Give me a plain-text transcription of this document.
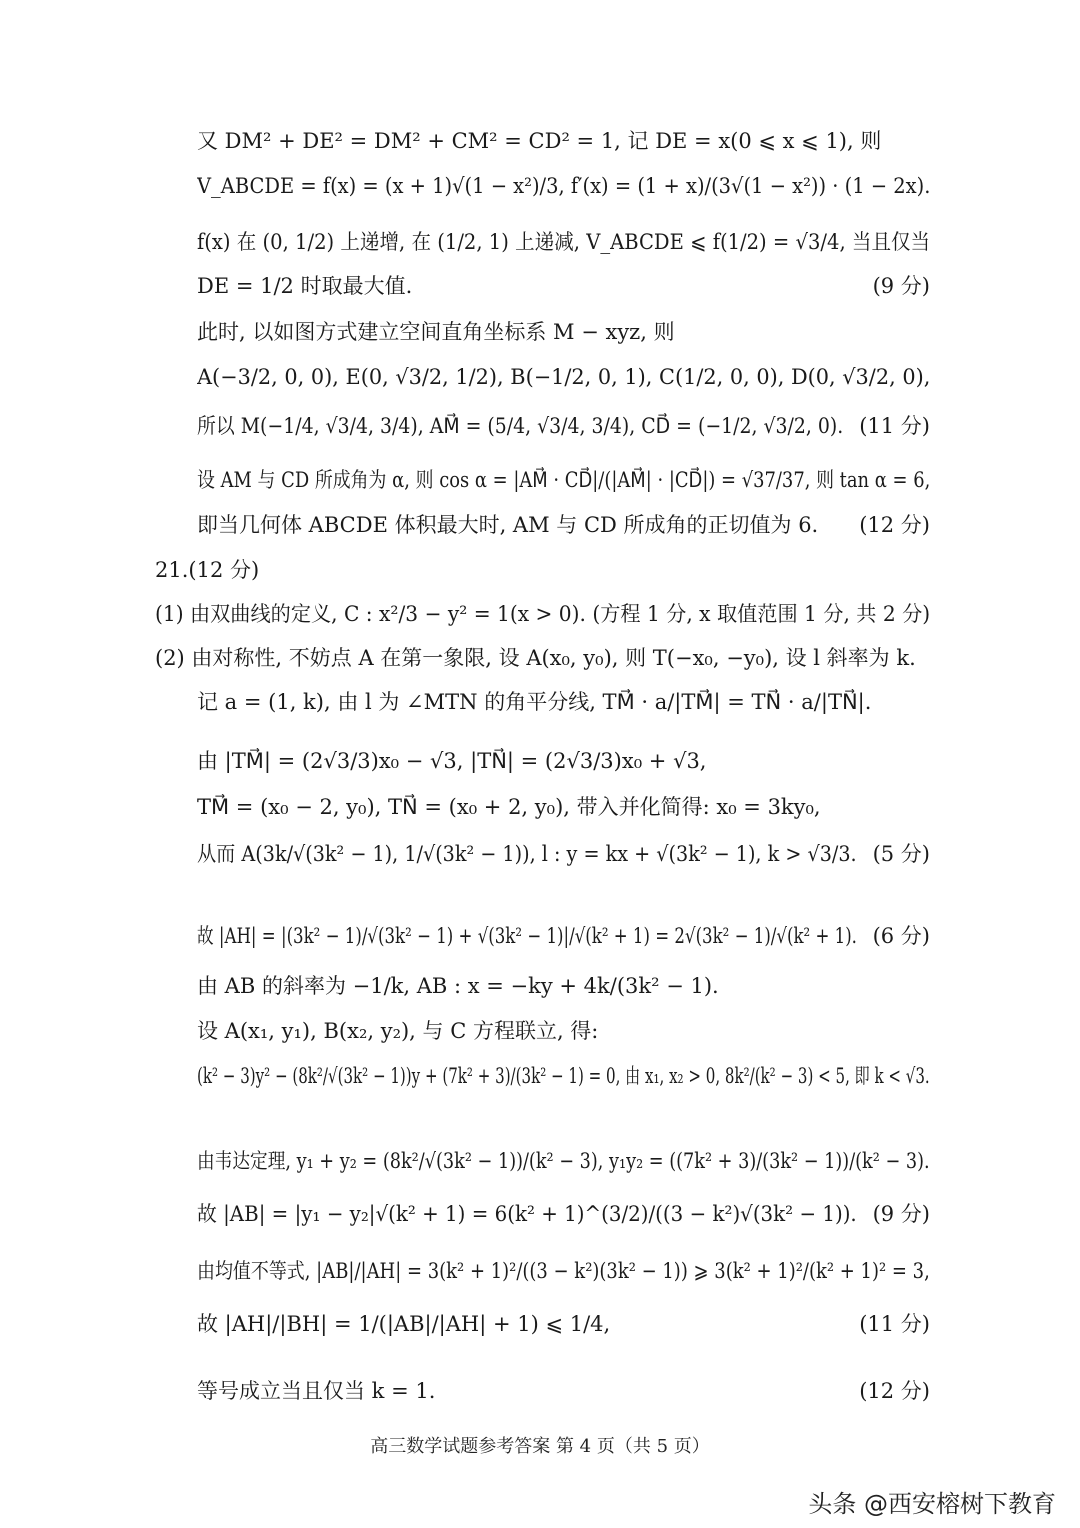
又 DM² + DE² = DM² + CM² = CD² = 1, 记 DE = x(0 ⩽ x ⩽ 1), 则
V_ABCDE = f(x) = (x + 1)√(1 − x²)/3, f′(x) = (1 + x)/(3√(1 − x²)) · (1 − 2x).
f(x) 在 (0, 1/2) 上递增, 在 (1/2, 1) 上递减, V_ABCDE ⩽ f(1/2) = √3/4, 当且仅当
DE = 1/2 时取最大值.	(9 分)
此时, 以如图方式建立空间直角坐标系 M − xyz, 则
A(−3/2, 0, 0), E(0, √3/2, 1/2), B(−1/2, 0, 1), C(1/2, 0, 0), D(0, √3/2, 0),
所以 M(−1/4, √3/4, 3/4), AM⃗ = (5/4, √3/4, 3/4), CD⃗ = (−1/2, √3/2, 0). (11 分)
设 AM 与 CD 所成角为 α, 则 cos α = |AM⃗ · CD⃗|/(|AM⃗| · |CD⃗|) = √37/37, 则 tan α = 6,
即当几何体 ABCDE 体积最大时, AM 与 CD 所成角的正切值为 6. (12 分)
21.(12 分)
(1) 由双曲线的定义, C : x²/3 − y² = 1(x > 0). (方程 1 分, x 取值范围 1 分, 共 2 分)
(2) 由对称性, 不妨点 A 在第一象限, 设 A(x₀, y₀), 则 T(−x₀, −y₀), 设 l 斜率为 k.
记 a = (1, k), 由 l 为 ∠MTN 的角平分线, TM⃗ · a/|TM⃗| = TN⃗ · a/|TN⃗|.
由 |TM⃗| = (2√3/3)x₀ − √3, |TN⃗| = (2√3/3)x₀ + √3,
TM⃗ = (x₀ − 2, y₀), TN⃗ = (x₀ + 2, y₀), 带入并化简得: x₀ = 3ky₀,
从而 A(3k/√(3k² − 1), 1/√(3k² − 1)), l : y = kx + √(3k² − 1), k > √3/3. (5 分)
故 |AH| = |(3k² − 1)/√(3k² − 1) + √(3k² − 1)|/√(k² + 1) = 2√(3k² − 1)/√(k² + 1). (6 分)
由 AB 的斜率为 −1/k, AB : x = −ky + 4k/(3k² − 1).
设 A(x₁, y₁), B(x₂, y₂), 与 C 方程联立, 得:
(k² − 3)y² − (8k²/√(3k² − 1))y + (7k² + 3)/(3k² − 1) = 0, 由 x₁, x₂ > 0, 8k²/(k² − 3) < 5, 即 k < √3.
由韦达定理, y₁ + y₂ = (8k²/√(3k² − 1))/(k² − 3), y₁y₂ = ((7k² + 3)/(3k² − 1))/(k² − 3).
故 |AB| = |y₁ − y₂|√(k² + 1) = 6(k² + 1)^(3/2)/((3 − k²)√(3k² − 1)). (9 分)
由均值不等式, |AB|/|AH| = 3(k² + 1)²/((3 − k²)(3k² − 1)) ⩾ 3(k² + 1)²/(k² + 1)² = 3,
故 |AH|/|BH| = 1/(|AB|/|AH| + 1) ⩽ 1/4,	(11 分)
等号成立当且仅当 k = 1.	(12 分)
高三数学试题参考答案 第 4 页（共 5 页）
头条 @西安榕树下教育
